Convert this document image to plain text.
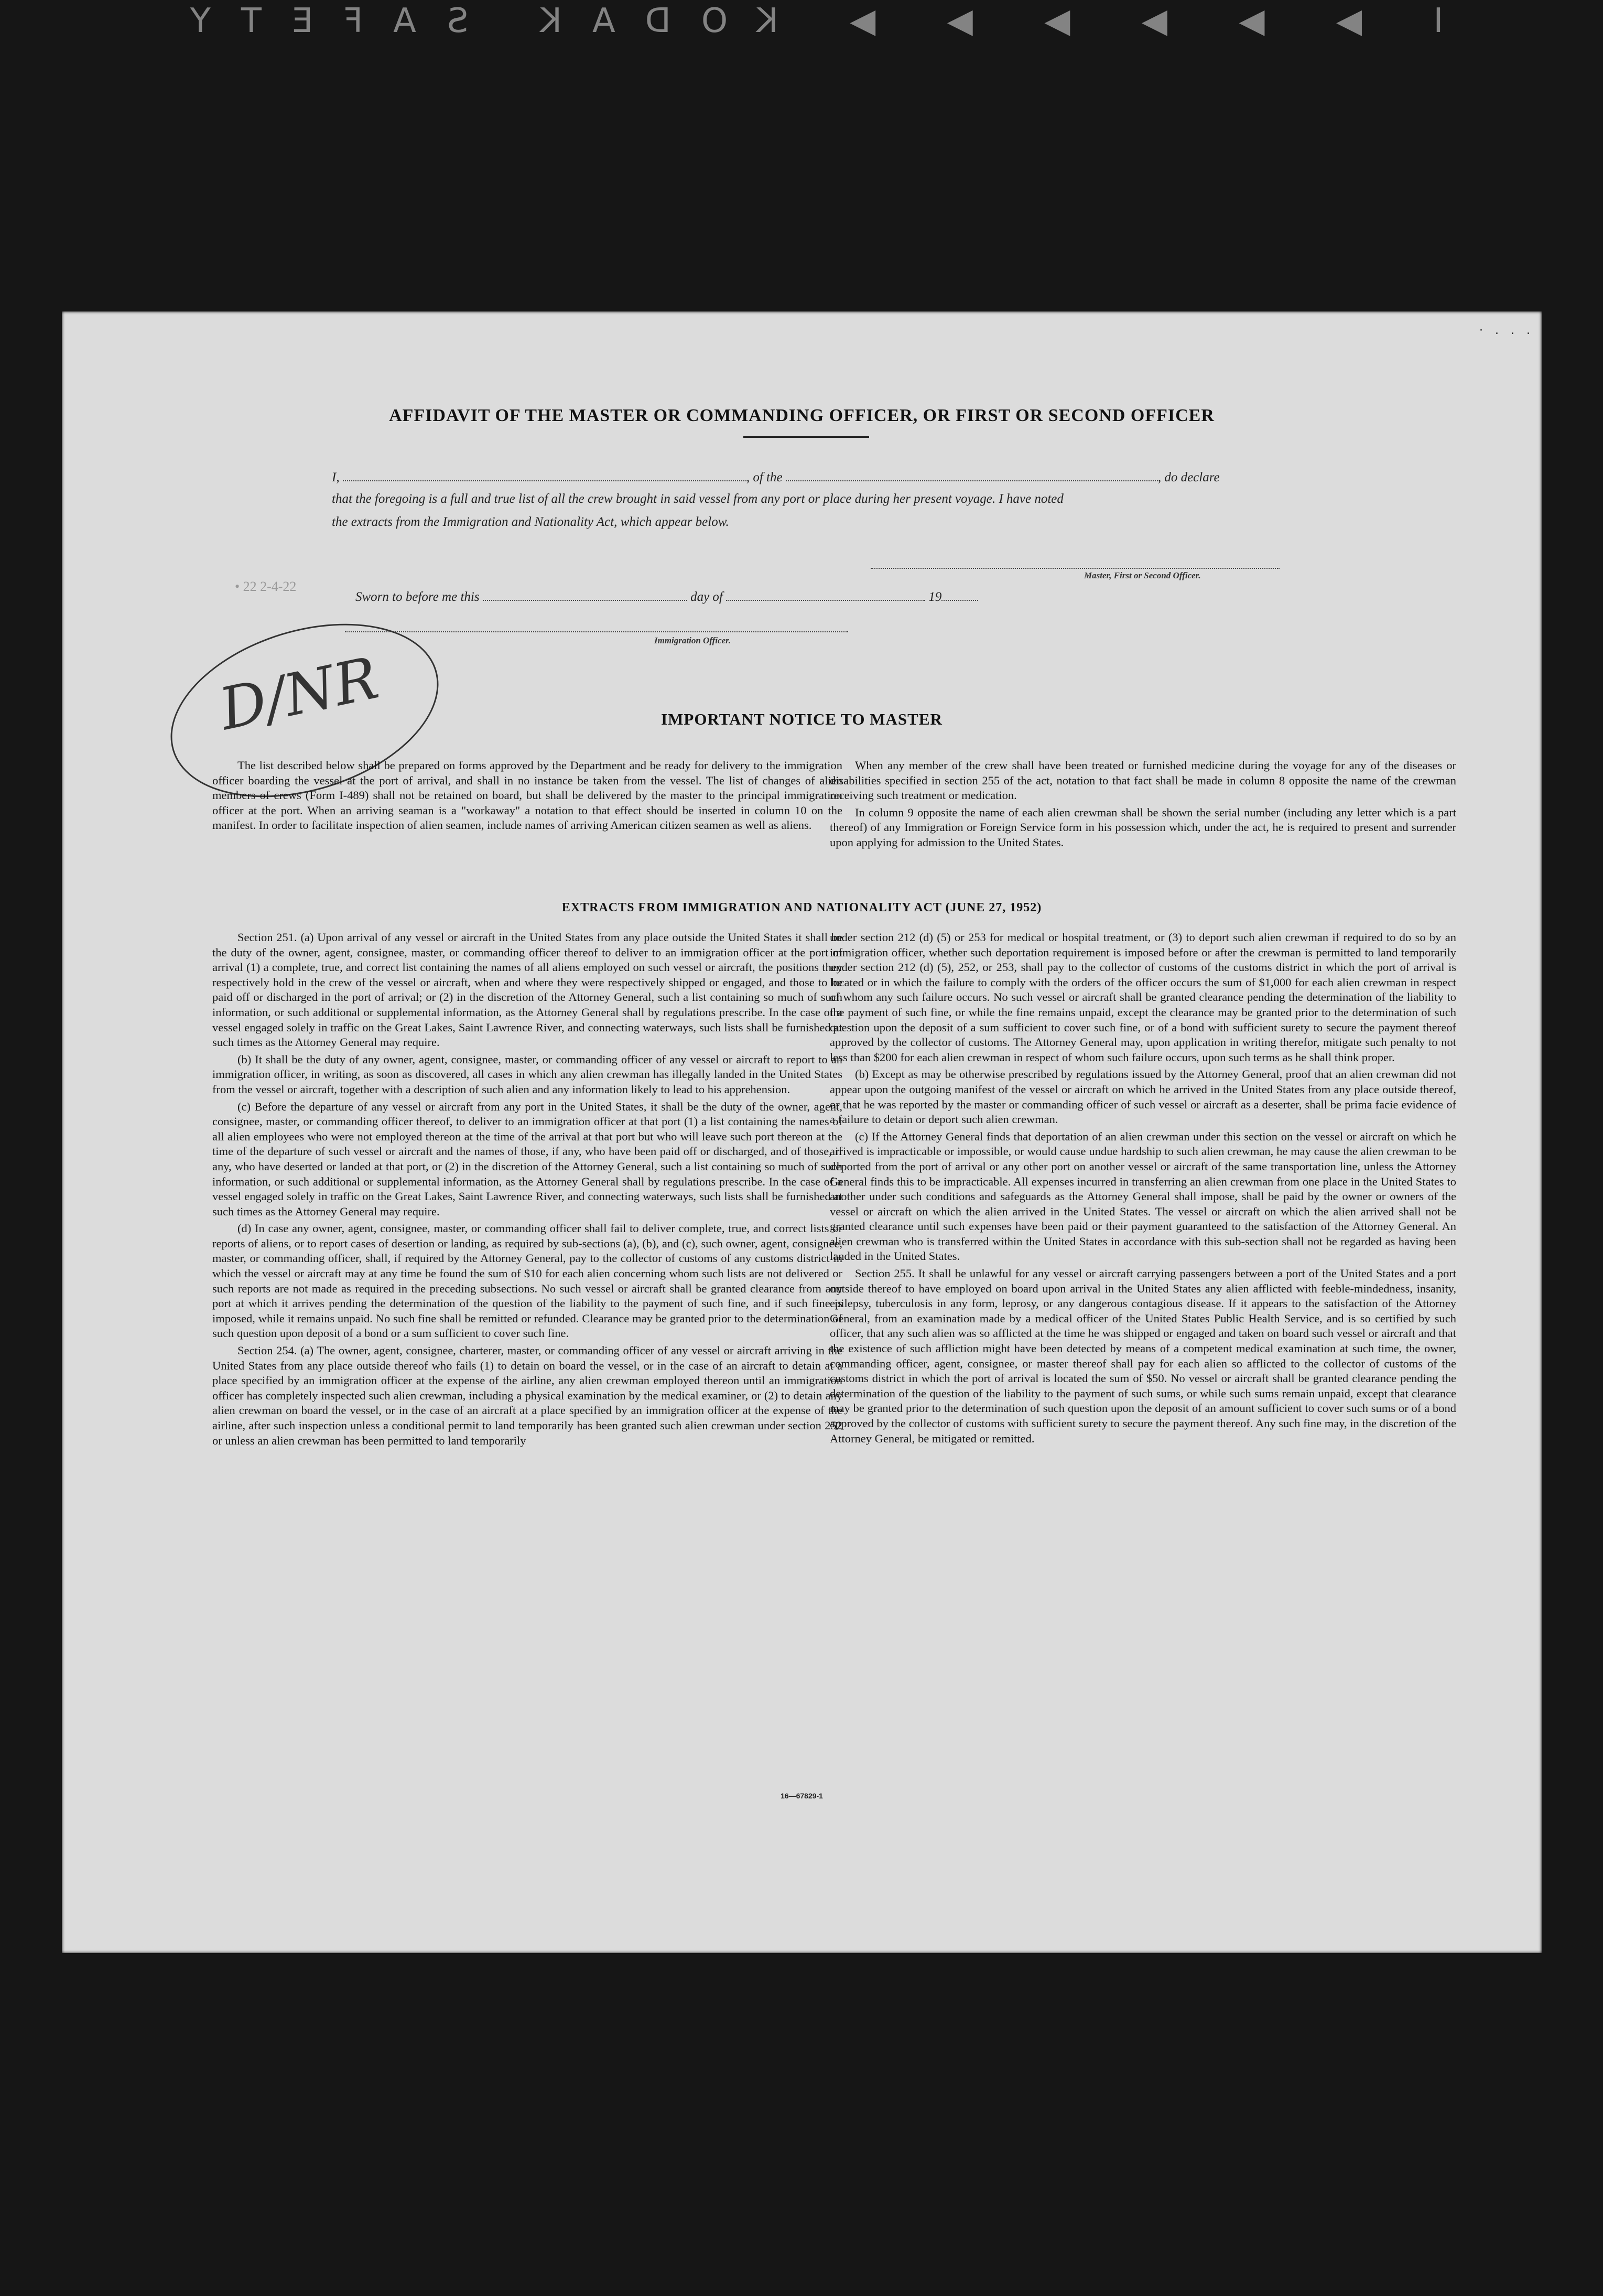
I ▶ ▶ ▶ ▶ ▶ ▶ KODAK SAFETY
· . . .
AFFIDAVIT OF THE MASTER OR COMMANDING OFFICER, OR FIRST OR SECOND OFFICER
I,	, of the	, do declare
that the foregoing is a full and true list of all the crew brought in said vessel from any port or place during her present voyage. I have noted
the extracts from the Immigration and Nationality Act, which appear below.
Master, First or Second Officer.
• 22 2-4-22
Sworn to before me this	day of	19
Immigration Officer.
D/NR	IMPORTANT NOTICE TO MASTER

The list described below shall be prepared on forms approved by the Department and be ready for delivery to the immigration officer boarding the vessel at the port of arrival, and shall in no instance be taken from the vessel. The list of changes of alien members of crews (Form I-489) shall not be retained on board, but shall be delivered by the master to the principal immigration officer at the port. When an arriving seaman is a "workaway" a notation to that effect should be inserted in column 10 on the manifest. In order to facilitate inspection of alien seamen, include names of arriving American citizen seamen as well as aliens.

When any member of the crew shall have been treated or furnished medicine during the voyage for any of the diseases or disabilities specified in section 255 of the act, notation to that fact shall be made in column 8 opposite the name of the crewman receiving such treatment or medication.

In column 9 opposite the name of each alien crewman shall be shown the serial number (including any letter which is a part thereof) of any Immigration or Foreign Service form in his possession which, under the act, he is required to present and surrender upon applying for admission to the United States.

EXTRACTS FROM IMMIGRATION AND NATIONALITY ACT (JUNE 27, 1952)

Section 251. (a) Upon arrival of any vessel or aircraft in the United States from any place outside the United States it shall be the duty of the owner, agent, consignee, master, or commanding officer thereof to deliver to an immigration officer at the port of arrival (1) a complete, true, and correct list containing the names of all aliens employed on such vessel or aircraft, the positions they respectively hold in the crew of the vessel or aircraft, when and where they were respectively shipped or engaged, and those to be paid off or discharged in the port of arrival; or (2) in the discretion of the Attorney General, such a list containing so much of such information, or such additional or supplemental information, as the Attorney General shall by regulations prescribe. In the case of a vessel engaged solely in traffic on the Great Lakes, Saint Lawrence River, and connecting waterways, such lists shall be furnished at such times as the Attorney General may require.

(b) It shall be the duty of any owner, agent, consignee, master, or commanding officer of any vessel or aircraft to report to an immigration officer, in writing, as soon as discovered, all cases in which any alien crewman has illegally landed in the United States from the vessel or aircraft, together with a description of such alien and any information likely to lead to his apprehension.

(c) Before the departure of any vessel or aircraft from any port in the United States, it shall be the duty of the owner, agent, consignee, master, or commanding officer thereof, to deliver to an immigration officer at that port (1) a list containing the names of all alien employees who were not employed thereon at the time of the arrival at that port but who will leave such port thereon at the time of the departure of such vessel or aircraft and the names of those, if any, who have been paid off or discharged, and of those, if any, who have deserted or landed at that port, or (2) in the discretion of the Attorney General, such a list containing so much of such information, or such additional or supplemental information, as the Attorney General shall by regulations prescribe. In the case of a vessel engaged solely in traffic on the Great Lakes, Saint Lawrence River, and connecting waterways, such lists shall be furnished at such times as the Attorney General may require.

(d) In case any owner, agent, consignee, master, or commanding officer shall fail to deliver complete, true, and correct lists or reports of aliens, or to report cases of desertion or landing, as required by sub-sections (a), (b), and (c), such owner, agent, consignee, master, or commanding officer, shall, if required by the Attorney General, pay to the collector of customs of any customs district in which the vessel or aircraft may at any time be found the sum of $10 for each alien concerning whom such lists are not delivered or such reports are not made as required in the preceding subsections. No such vessel or aircraft shall be granted clearance from any port at which it arrives pending the determination of the question of the liability to the payment of such fine, and if such fine is imposed, while it remains unpaid. No such fine shall be remitted or refunded. Clearance may be granted prior to the determination of such question upon deposit of a bond or a sum sufficient to cover such fine.

Section 254. (a) The owner, agent, consignee, charterer, master, or commanding officer of any vessel or aircraft arriving in the United States from any place outside thereof who fails (1) to detain on board the vessel, or in the case of an aircraft to detain at a place specified by an immigration officer at the expense of the airline, any alien crewman employed thereon until an immigration officer has completely inspected such alien crewman, including a physical examination by the medical examiner, or (2) to detain any alien crewman on board the vessel, or in the case of an aircraft at a place specified by an immigration officer at the expense of the airline, after such inspection unless a conditional permit to land temporarily has been granted such alien crewman under section 252 or unless an alien crewman has been permitted to land temporarily

under section 212 (d) (5) or 253 for medical or hospital treatment, or (3) to deport such alien crewman if required to do so by an immigration officer, whether such deportation requirement is imposed before or after the crewman is permitted to land temporarily under section 212 (d) (5), 252, or 253, shall pay to the collector of customs of the customs district in which the port of arrival is located or in which the failure to comply with the orders of the officer occurs the sum of $1,000 for each alien crewman in respect of whom any such failure occurs. No such vessel or aircraft shall be granted clearance pending the determination of the liability to the payment of such fine, or while the fine remains unpaid, except the clearance may be granted prior to the determination of such question upon the deposit of a sum sufficient to cover such fine, or of a bond with sufficient surety to secure the payment thereof approved by the collector of customs. The Attorney General may, upon application in writing therefor, mitigate such penalty to not less than $200 for each alien crewman in respect of whom such failure occurs, upon such terms as he shall think proper.

(b) Except as may be otherwise prescribed by regulations issued by the Attorney General, proof that an alien crewman did not appear upon the outgoing manifest of the vessel or aircraft on which he arrived in the United States from any place outside thereof, or that he was reported by the master or commanding officer of such vessel or aircraft as a deserter, shall be prima facie evidence of a failure to detain or deport such alien crewman.

(c) If the Attorney General finds that deportation of an alien crewman under this section on the vessel or aircraft on which he arrived is impracticable or impossible, or would cause undue hardship to such alien crewman, he may cause the alien crewman to be deported from the port of arrival or any other port on another vessel or aircraft of the same transportation line, unless the Attorney General finds this to be impracticable. All expenses incurred in transferring an alien crewman from one place in the United States to another under such conditions and safeguards as the Attorney General shall impose, shall be paid by the owner or owners of the vessel or aircraft on which the alien arrived in the United States. The vessel or aircraft on which the alien arrived shall not be granted clearance until such expenses have been paid or their payment guaranteed to the satisfaction of the Attorney General. An alien crewman who is transferred within the United States in accordance with this sub-section shall not be regarded as having been landed in the United States.

Section 255. It shall be unlawful for any vessel or aircraft carrying passengers between a port of the United States and a port outside thereof to have employed on board upon arrival in the United States any alien afflicted with feeble-mindedness, insanity, epilepsy, tuberculosis in any form, leprosy, or any dangerous contagious disease. If it appears to the satisfaction of the Attorney General, from an examination made by a medical officer of the United States Public Health Service, and is so certified by such officer, that any such alien was so afflicted at the time he was shipped or engaged and taken on board such vessel or aircraft and that the existence of such affliction might have been detected by means of a competent medical examination at such time, the owner, commanding officer, agent, consignee, or master thereof shall pay for each alien so afflicted to the collector of customs of the customs district in which the port of arrival is located the sum of $50. No vessel or aircraft shall be granted clearance pending the determination of the question of the liability to the payment of such sums, or while such sums remain unpaid, except that clearance may be granted prior to the determination of such question upon the deposit of an amount sufficient to cover such sums or of a bond approved by the collector of customs with sufficient surety to secure the payment thereof. Any such fine may, in the discretion of the Attorney General, be mitigated or remitted.

16—67829-1
